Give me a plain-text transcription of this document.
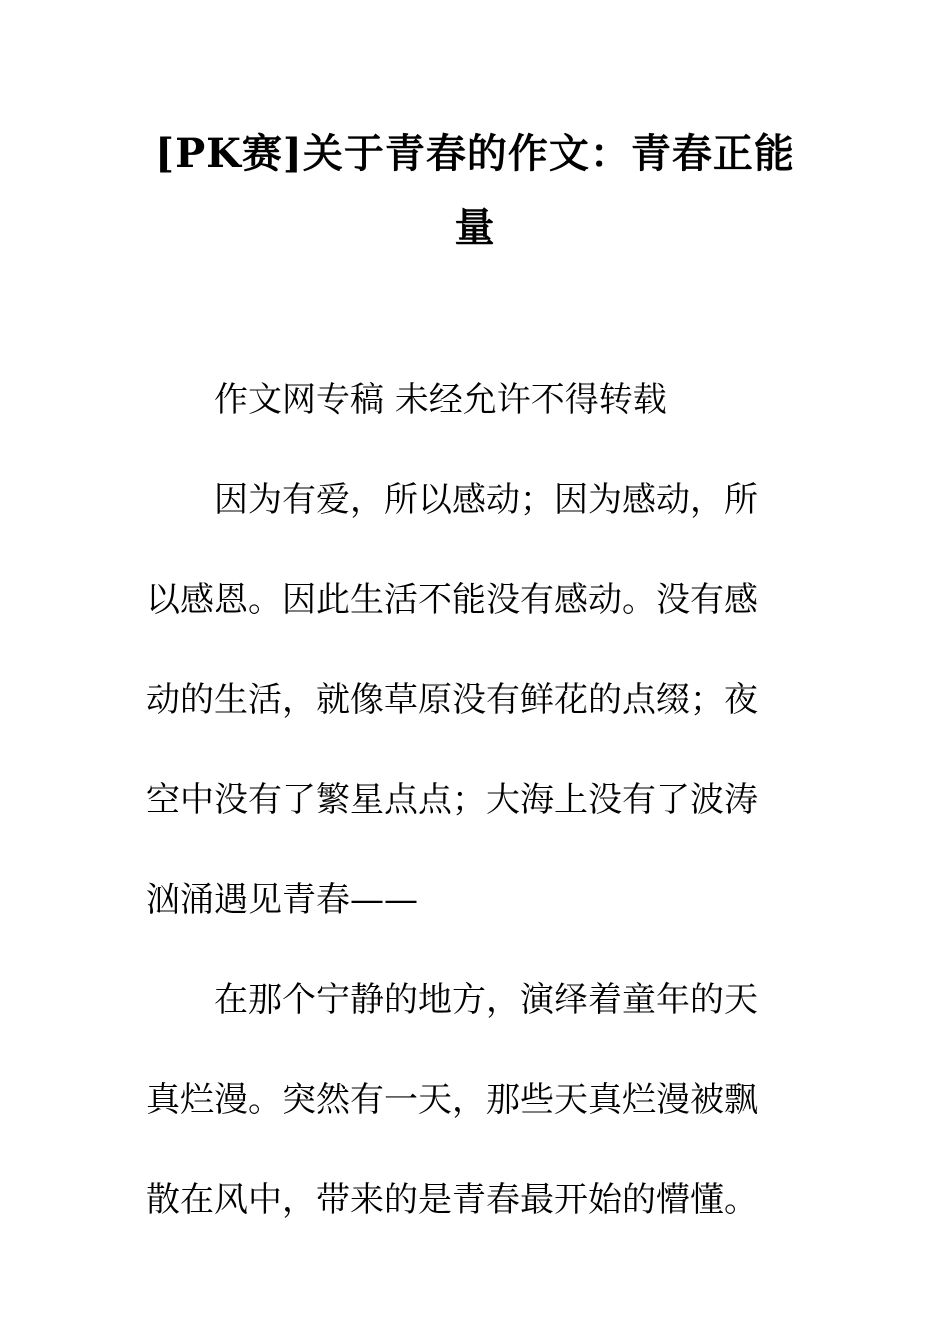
[PK赛]关于青春的作文：青春正能
量
作文网专稿 未经允许不得转载
因为有爱，所以感动；因为感动，所
以感恩。因此生活不能没有感动。没有感
动的生活，就像草原没有鲜花的点缀；夜
空中没有了繁星点点；大海上没有了波涛
汹涌遇见青春——
在那个宁静的地方，演绎着童年的天
真烂漫。突然有一天，那些天真烂漫被飘
散在风中，带来的是青春最开始的懵懂。
